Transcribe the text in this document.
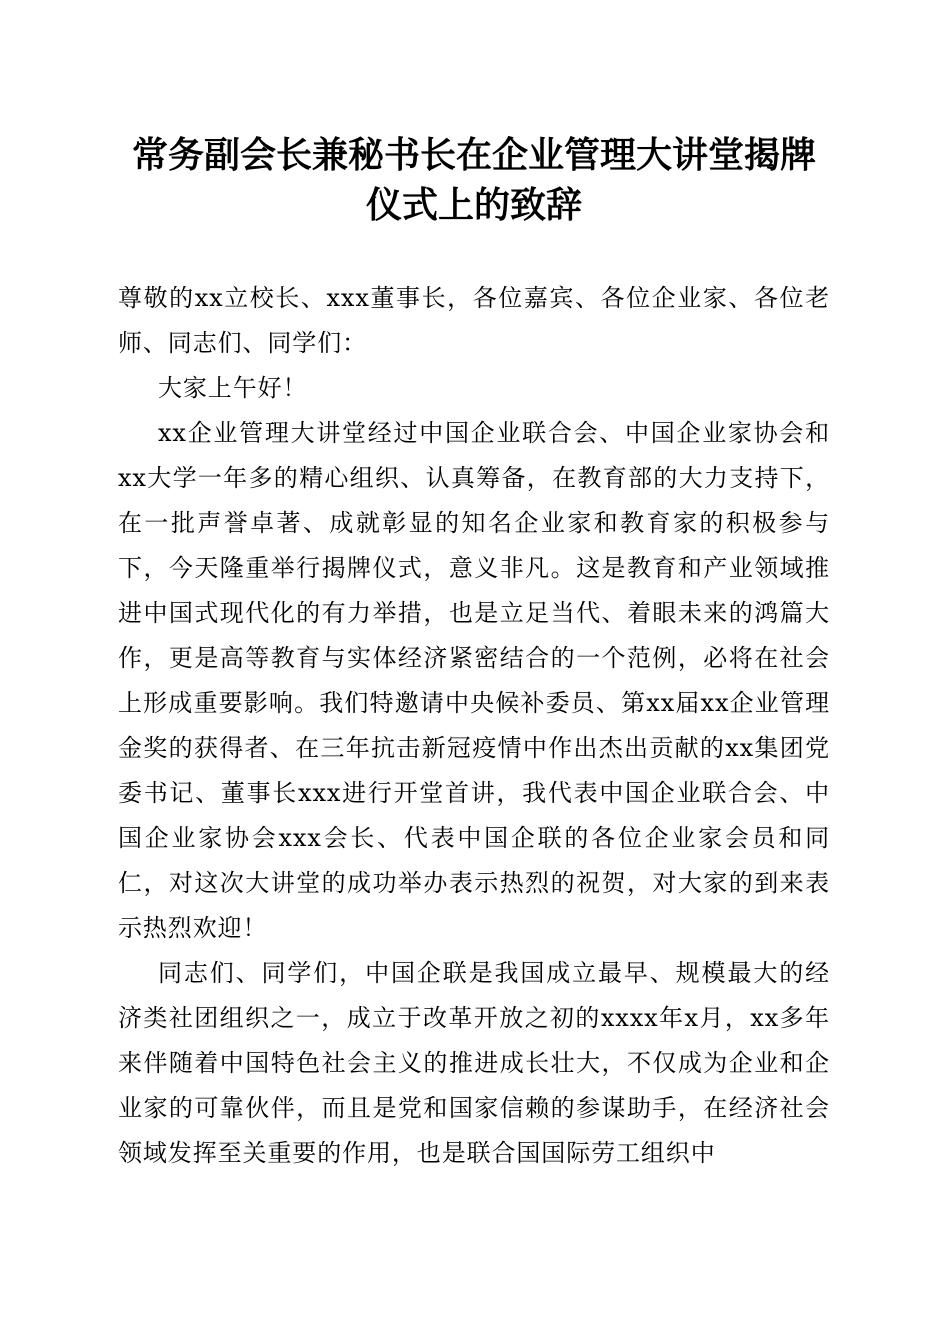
常务副会长兼秘书长在企业管理大讲堂揭牌仪式上的致辞

尊敬的xx立校长、xxx董事长，各位嘉宾、各位企业家、各位老师、同志们、同学们：

大家上午好！

xx企业管理大讲堂经过中国企业联合会、中国企业家协会和xx大学一年多的精心组织、认真筹备，在教育部的大力支持下，在一批声誉卓著、成就彰显的知名企业家和教育家的积极参与下，今天隆重举行揭牌仪式，意义非凡。这是教育和产业领域推进中国式现代化的有力举措，也是立足当代、着眼未来的鸿篇大作，更是高等教育与实体经济紧密结合的一个范例，必将在社会上形成重要影响。我们特邀请中央候补委员、第xx届xx企业管理金奖的获得者、在三年抗击新冠疫情中作出杰出贡献的xx集团党委书记、董事长xxx进行开堂首讲，我代表中国企业联合会、中国企业家协会xxx会长、代表中国企联的各位企业家会员和同仁，对这次大讲堂的成功举办表示热烈的祝贺，对大家的到来表示热烈欢迎！

同志们、同学们，中国企联是我国成立最早、规模最大的经济类社团组织之一，成立于改革开放之初的xxxx年x月，xx多年来伴随着中国特色社会主义的推进成长壮大，不仅成为企业和企业家的可靠伙伴，而且是党和国家信赖的参谋助手，在经济社会领域发挥至关重要的作用，也是联合国国际劳工组织中
